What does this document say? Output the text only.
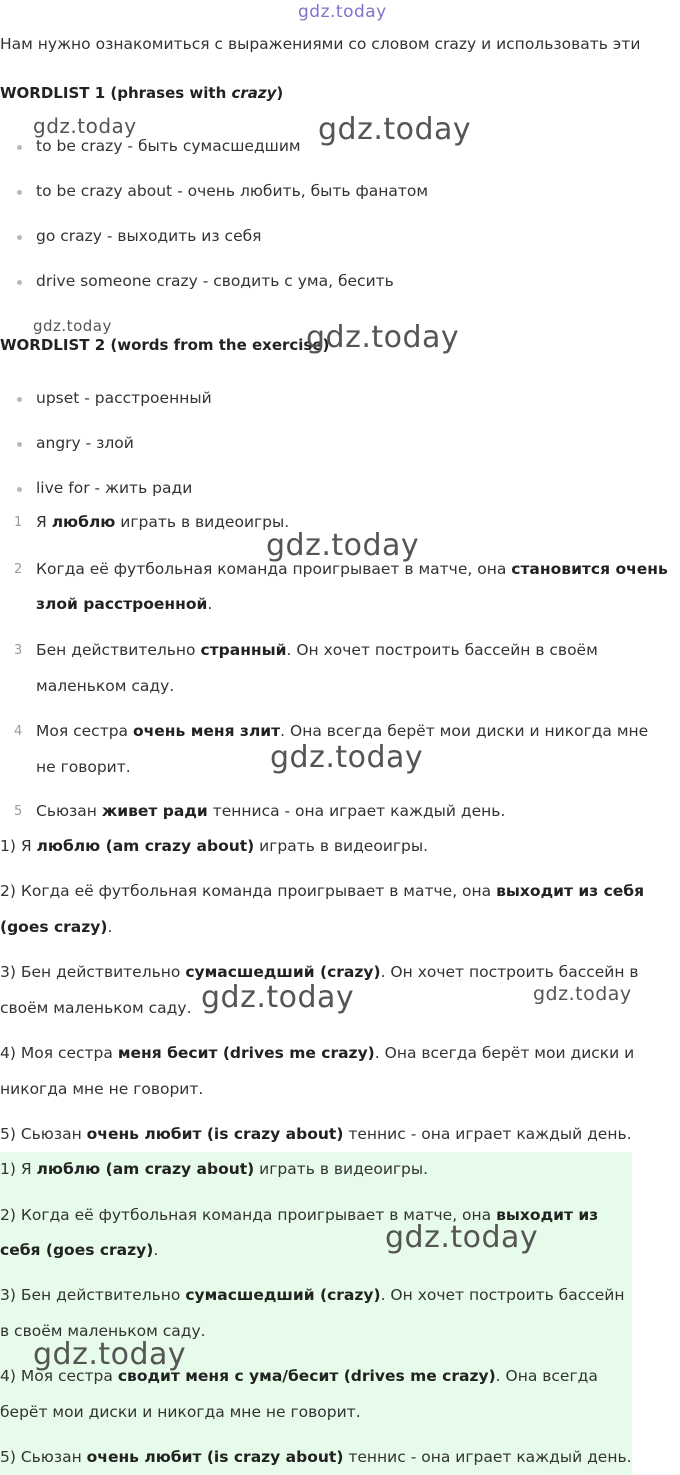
gdz.today
Нам нужно ознакомиться с выражениями со словом crazy и использовать эти
WORDLIST 1 (phrases with crazy)
gdz.today	gdz.today
to be crazy - быть сумасшедшим
to be crazy about - очень любить, быть фанатом
go crazy - выходить из себя
drive someone crazy - сводить с ума, бесить
gdz.today
WORDLIST 2 (words from the exercise)
gdz.today
upset - расстроенный
angry - злой
live for - жить ради
1 Я люблю играть в видеоигры.
gdz.today
2 Когда её футбольная команда проигрывает в матче, она становится очень
злой расстроенной.
3 Бен действительно странный. Он хочет построить бассейн в своём
маленьком саду.
4 Моя сестра очень меня злит. Она всегда берёт мои диски и никогда мне
не говорит.	gdz.today
5 Сьюзан живет ради тенниса - она играет каждый день.
1) Я люблю (am crazy about) играть в видеоигры.
2) Когда её футбольная команда проигрывает в матче, она выходит из себя
(goes crazy).
3) Бен действительно сумасшедший (crazy). Он хочет построить бассейн в
своём маленьком саду. gdz.today	gdz.today
4) Моя сестра меня бесит (drives me crazy). Она всегда берёт мои диски и
никогда мне не говорит.
5) Сьюзан очень любит (is crazy about) теннис - она играет каждый день.
1) Я люблю (am crazy about) играть в видеоигры.
2) Когда её футбольная команда проигрывает в матче, она выходит из
себя (goes crazy).	gdz.today
3) Бен действительно сумасшедший (crazy). Он хочет построить бассейн
в своём маленьком саду.
gdz.today
4) Моя сестра сводит меня с ума/бесит (drives me crazy). Она всегда
берёт мои диски и никогда мне не говорит.
5) Сьюзан очень любит (is crazy about) теннис - она играет каждый день.
